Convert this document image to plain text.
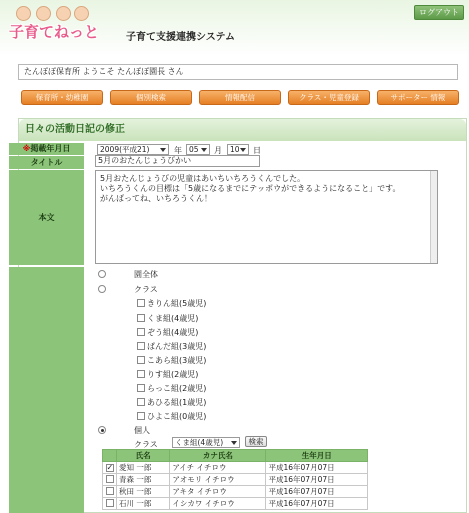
子育てねっと	子育て支援連携システム
ログアウト
たんぽぽ保育所 ようこそ たんぽぽ園長 さん
保育所・幼稚園	個別検索	情報配信	クラス・児童登録	サポーター 情報
日々の活動日記の修正
※掲載年月日	2009(平成21)	年 05	月	10	日
タイトル	5月のおたんじょうびかい
本文
5月おたんじょうびの児童はあいちいちろうくんでした。
いちろうくんの目標は「5歳になるまでにテッポウができるようになること」です。
がんばってね、いちろうくん！
園全体
クラス
きりん組(5歳児)
くま組(4歳児)
ぞう組(4歳児)
ぱんだ組(3歳児)
こあら組(3歳児)
りす組(2歳児)
らっこ組(2歳児)
あひる組(1歳児)
ひよこ組(0歳児)
個人
クラス	くま組(4歳児)	検索
	氏名	カナ氏名	生年月日
✓	愛知 一郎	アイチ イチロウ	平成16年07月07日
	青森 一郎	アオモリ イチロウ	平成16年07月07日
	秋田 一郎	アキタ イチロウ	平成16年07月07日
	石川 一郎	イシカワ イチロウ	平成16年07月07日
